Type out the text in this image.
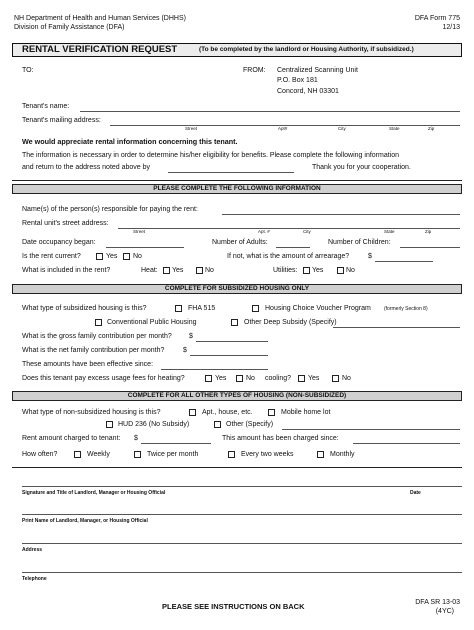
NH Department of Health and Human Services (DHHS)
Division of Family Assistance (DFA)
DFA Form 775
12/13
RENTAL VERIFICATION REQUEST	(To be completed by the landlord or Housing Authority, if subsidized.)
TO:	FROM: Centralized Scanning Unit
P.O. Box 181
Concord, NH 03301
Tenant's name:
Tenant's mailing address:
Street	Apt#	City	State	Zip
We would appreciate rental information concerning this tenant.
The information is necessary in order to determine his/her eligibility for benefits. Please complete the following information
and return to the address noted above by	Thank you for your cooperation.
PLEASE COMPLETE THE FOLLOWING INFORMATION
Name(s) of the person(s) responsible for paying the rent:
Rental unit's street address:
Street	Apt. #	City	State	Zip
Date occupancy began:	Number of Adults:	Number of Children:
Is the rent current?	Yes No	If not, what is the amount of arrearage?	$
What is included in the rent?	Heat: Yes	No	Utilities: Yes	No
COMPLETE FOR SUBSIDIZED HOUSING ONLY
What type of subsidized housing is this?	FHA 515	Housing Choice Voucher Program	(formerly Section 8)
Conventional Public Housing	Other Deep Subsidy (Specify)
What is the gross family contribution per month? $
What is the net family contribution per month?	$
These amounts have been effective since:
Does this tenant pay excess usage fees for heating?	Yes	No cooling? Yes	No
COMPLETE FOR ALL OTHER TYPES OF HOUSING (NON-SUBSIDIZED)
What type of non-subsidized housing is this?	Apt., house, etc.	Mobile home lot
HUD 236 (No Subsidy)	Other (Specify)
Rent amount charged to tenant: $	This amount has been charged since:
How often?	Weekly	Twice per month	Every two weeks	Monthly
Signature and Title of Landlord, Manager or Housing Official	Date
Print Name of Landlord, Manager, or Housing Official
Address
Telephone
PLEASE SEE INSTRUCTIONS ON BACK	DFA SR 13-03
(4YC)
